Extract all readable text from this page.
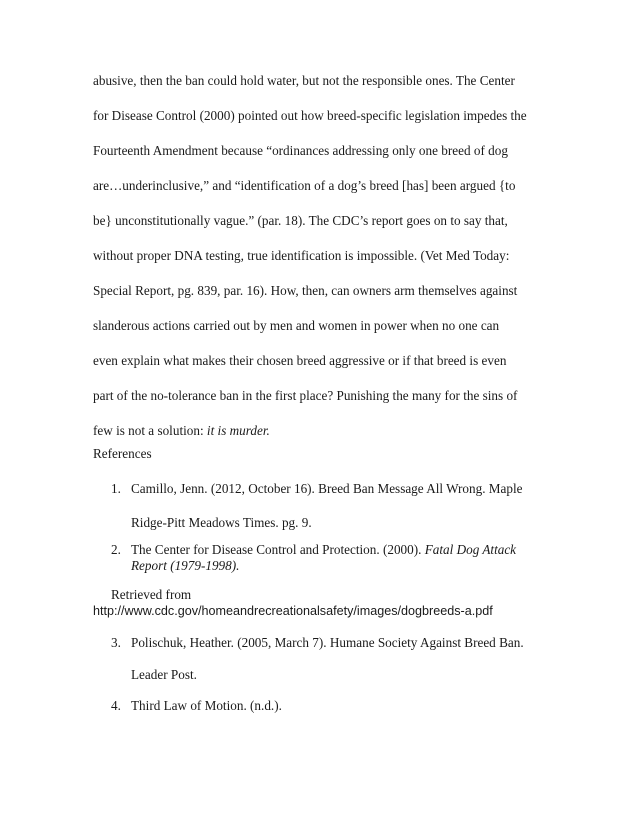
abusive, then the ban could hold water, but not the responsible ones. The Center
for Disease Control (2000) pointed out how breed-specific legislation impedes the
Fourteenth Amendment because “ordinances addressing only one breed of dog
are…underinclusive,” and “identification of a dog’s breed [has] been argued {to
be} unconstitutionally vague.” (par. 18). The CDC’s report goes on to say that,
without proper DNA testing, true identification is impossible. (Vet Med Today:
Special Report, pg. 839, par. 16). How, then, can owners arm themselves against
slanderous actions carried out by men and women in power when no one can
even explain what makes their chosen breed aggressive or if that breed is even
part of the no-tolerance ban in the first place? Punishing the many for the sins of
few is not a solution: it is murder.
References
1. Camillo, Jenn. (2012, October 16). Breed Ban Message All Wrong. Maple
Ridge-Pitt Meadows Times. pg. 9.
2. The Center for Disease Control and Protection. (2000). Fatal Dog Attack
Report (1979-1998).
Retrieved from
http://www.cdc.gov/homeandrecreationalsafety/images/dogbreeds-a.pdf
3. Polischuk, Heather. (2005, March 7). Humane Society Against Breed Ban.
Leader Post.
4. Third Law of Motion. (n.d.).
